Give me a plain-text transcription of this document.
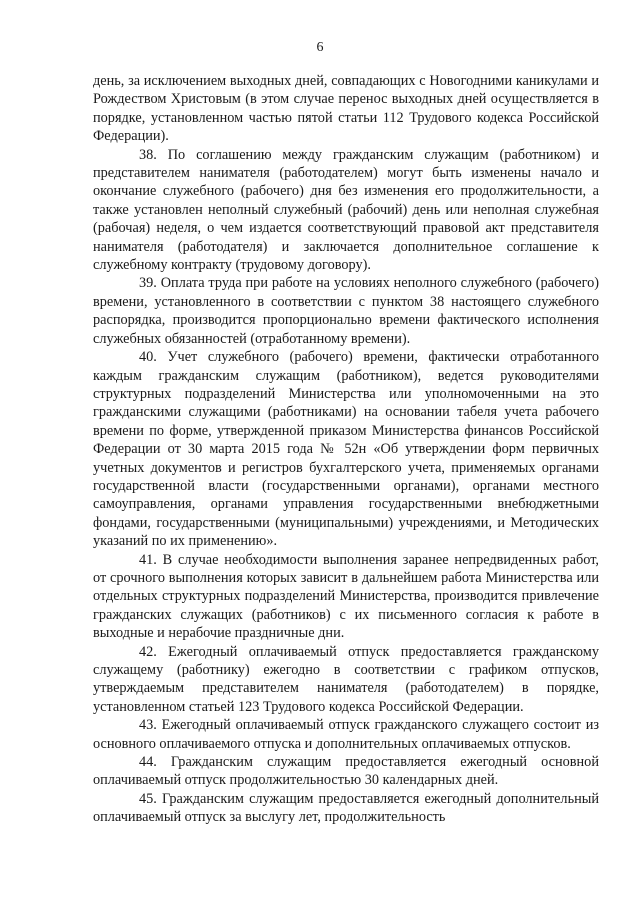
6

день, за исключением выходных дней, совпадающих с Новогодними каникулами и Рождеством Христовым (в этом случае перенос выходных дней осуществляется в порядке, установленном частью пятой статьи 112 Трудового кодекса Российской Федерации).

38. По соглашению между гражданским служащим (работником) и представителем нанимателя (работодателем) могут быть изменены начало и окончание служебного (рабочего) дня без изменения его продолжительности, а также установлен неполный служебный (рабочий) день или неполная служебная (рабочая) неделя, о чем издается соответствующий правовой акт представителя нанимателя (работодателя) и заключается дополнительное соглашение к служебному контракту (трудовому договору).

39. Оплата труда при работе на условиях неполного служебного (рабочего) времени, установленного в соответствии с пунктом 38 настоящего служебного распорядка, производится пропорционально времени фактического исполнения служебных обязанностей (отработанному времени).

40. Учет служебного (рабочего) времени, фактически отработанного каждым гражданским служащим (работником), ведется руководителями структурных подразделений Министерства или уполномоченными на это гражданскими служащими (работниками) на основании табеля учета рабочего времени по форме, утвержденной приказом Министерства финансов Российской Федерации от 30 марта 2015 года № 52н «Об утверждении форм первичных учетных документов и регистров бухгалтерского учета, применяемых органами государственной власти (государственными органами), органами местного самоуправления, органами управления государственными внебюджетными фондами, государственными (муниципальными) учреждениями, и Методических указаний по их применению».

41. В случае необходимости выполнения заранее непредвиденных работ, от срочного выполнения которых зависит в дальнейшем работа Министерства или отдельных структурных подразделений Министерства, производится привлечение гражданских служащих (работников) с их письменного согласия к работе в выходные и нерабочие праздничные дни.

42. Ежегодный оплачиваемый отпуск предоставляется гражданскому служащему (работнику) ежегодно в соответствии с графиком отпусков, утверждаемым представителем нанимателя (работодателем) в порядке, установленном статьей 123 Трудового кодекса Российской Федерации.

43. Ежегодный оплачиваемый отпуск гражданского служащего состоит из основного оплачиваемого отпуска и дополнительных оплачиваемых отпусков.

44. Гражданским служащим предоставляется ежегодный основной оплачиваемый отпуск продолжительностью 30 календарных дней.

45. Гражданским служащим предоставляется ежегодный дополнительный оплачиваемый отпуск за выслугу лет, продолжительность
